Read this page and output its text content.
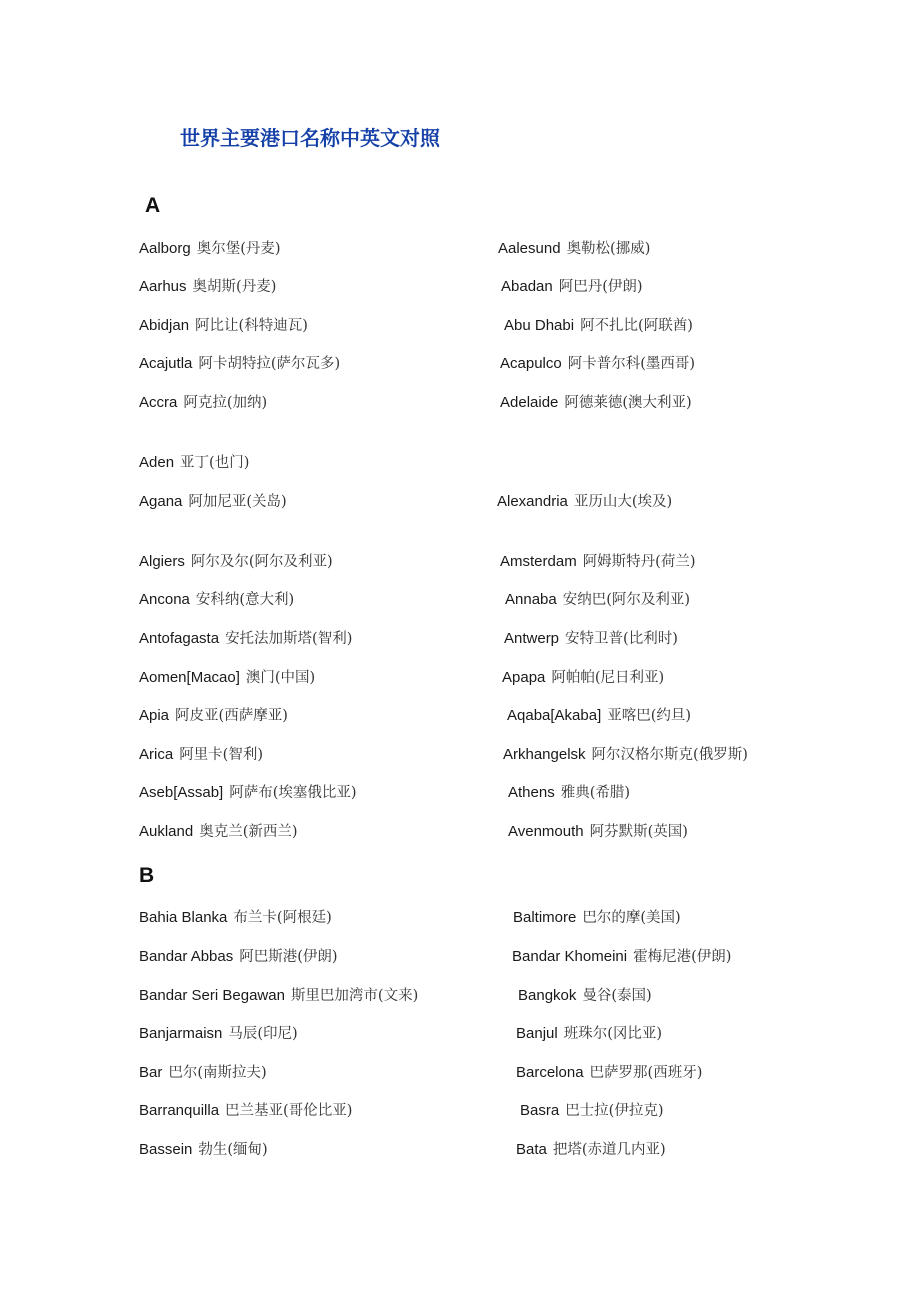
世界主要港口名称中英文对照
A
B
Aalborg 奥尔堡(丹麦)	Aalesund 奥勒松(挪威)
Aarhus 奥胡斯(丹麦)	Abadan 阿巴丹(伊朗)
Abidjan 阿比让(科特迪瓦)	Abu Dhabi 阿不扎比(阿联酋)
Acajutla 阿卡胡特拉(萨尔瓦多)	Acapulco 阿卡普尔科(墨西哥)
Accra 阿克拉(加纳)	Adelaide 阿德莱德(澳大利亚)
Aden 亚丁(也门)
Agana 阿加尼亚(关岛)	Alexandria 亚历山大(埃及)
Algiers 阿尔及尔(阿尔及利亚)	Amsterdam 阿姆斯特丹(荷兰)
Ancona 安科纳(意大利)	Annaba 安纳巴(阿尔及利亚)
Antofagasta 安托法加斯塔(智利)	Antwerp 安特卫普(比利时)
Aomen[Macao] 澳门(中国)	Apapa 阿帕帕(尼日利亚)
Apia 阿皮亚(西萨摩亚)	Aqaba[Akaba] 亚喀巴(约旦)
Arica 阿里卡(智利)	Arkhangelsk 阿尔汉格尔斯克(俄罗斯)
Aseb[Assab] 阿萨布(埃塞俄比亚)	Athens 雅典(希腊)
Aukland 奥克兰(新西兰)	Avenmouth 阿芬默斯(英国)
Bahia Blanka 布兰卡(阿根廷)	Baltimore 巴尔的摩(美国)
Bandar Abbas 阿巴斯港(伊朗)	Bandar Khomeini 霍梅尼港(伊朗)
Bandar Seri Begawan 斯里巴加湾市(文来)	Bangkok 曼谷(泰国)
Banjarmaisn 马辰(印尼)	Banjul 班珠尔(冈比亚)
Bar 巴尔(南斯拉夫)	Barcelona 巴萨罗那(西班牙)
Barranquilla 巴兰基亚(哥伦比亚)	Basra 巴士拉(伊拉克)
Bassein 勃生(缅甸)	Bata 把塔(赤道几内亚)
